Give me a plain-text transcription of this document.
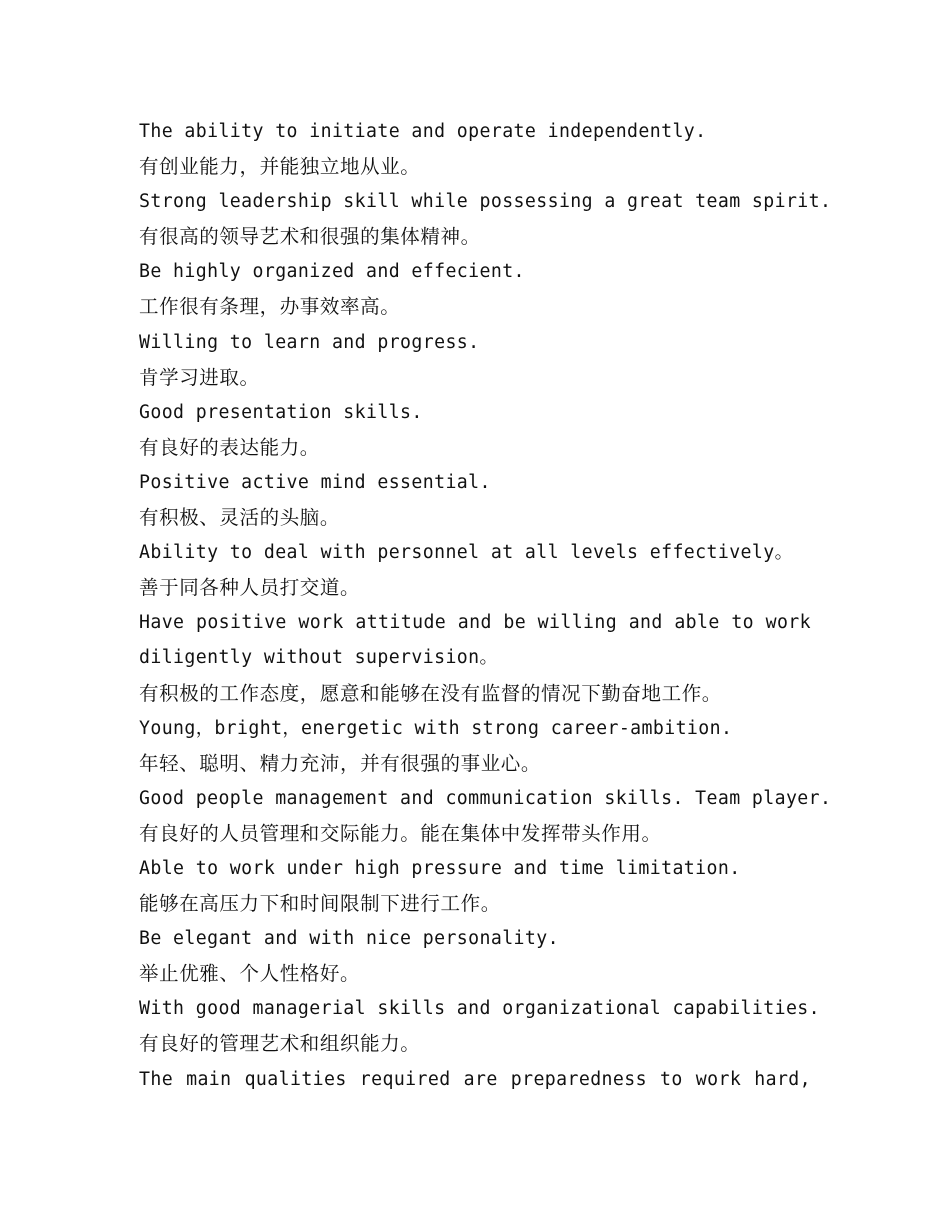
The ability to initiate and operate independently.
有创业能力，并能独立地从业。
Strong leadership skill while possessing a great team spirit.
有很高的领导艺术和很强的集体精神。
Be highly organized and effecient.
工作很有条理，办事效率高。
Willing to learn and progress.
肯学习进取。
Good presentation skills.
有良好的表达能力。
Positive active mind essential.
有积极、灵活的头脑。
Ability to deal with personnel at all levels effectively。
善于同各种人员打交道。
Have positive work attitude and be willing and able to work
diligently without supervision。
有积极的工作态度，愿意和能够在没有监督的情况下勤奋地工作。
Young，bright，energetic with strong career-ambition.
年轻、聪明、精力充沛，并有很强的事业心。
Good people management and communication skills. Team player.
有良好的人员管理和交际能力。能在集体中发挥带头作用。
Able to work under high pressure and time limitation.
能够在高压力下和时间限制下进行工作。
Be elegant and with nice personality.
举止优雅、个人性格好。
With good managerial skills and organizational capabilities.
有良好的管理艺术和组织能力。
The main qualities required are preparedness to work hard,
